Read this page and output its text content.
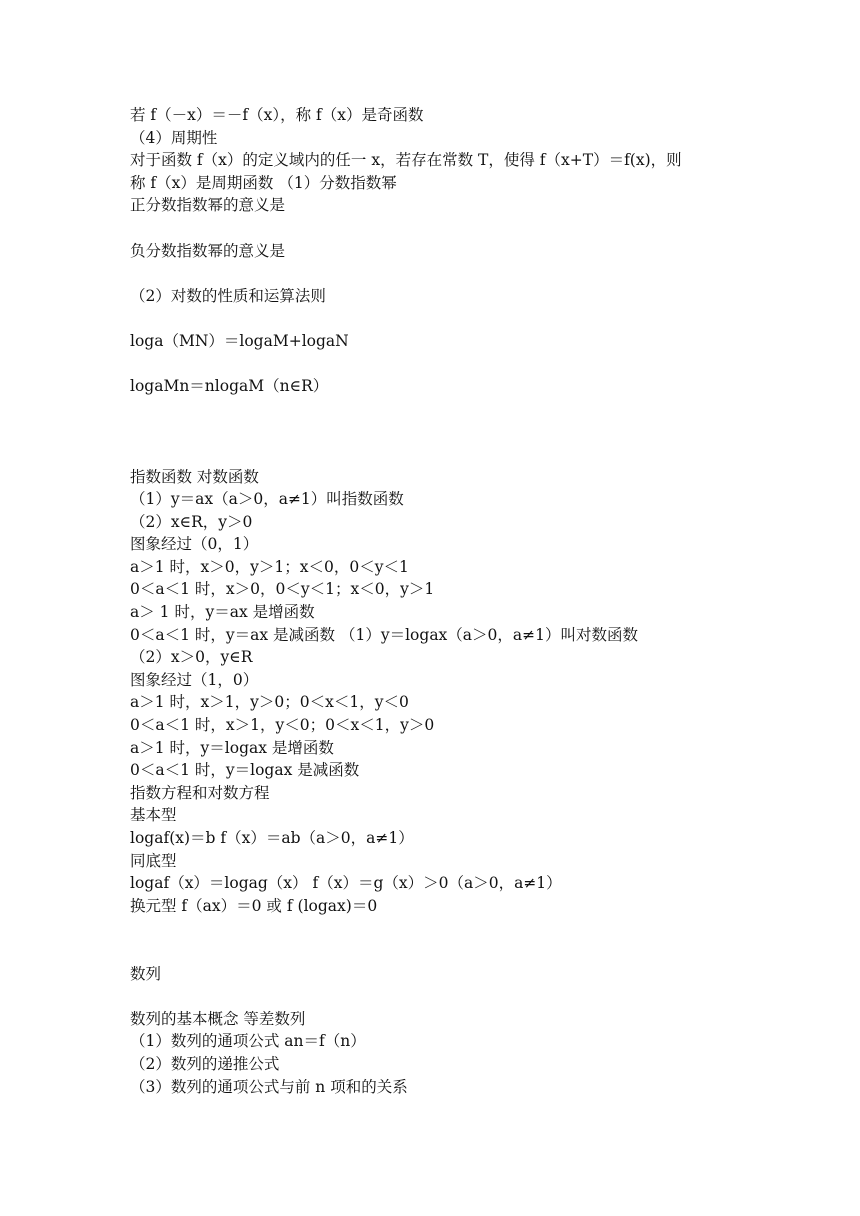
若 f（－x）＝－f（x），称 f（x）是奇函数
（4）周期性
对于函数 f（x）的定义域内的任一 x，若存在常数 T，使得 f（x+T）＝f(x)，则
称 f（x）是周期函数 （1）分数指数幂
正分数指数幂的意义是
负分数指数幂的意义是
（2）对数的性质和运算法则
loga（MN）＝logaM+logaN
logaMn＝nlogaM（n∈R）
指数函数 对数函数
（1）y＝ax（a＞0，a≠1）叫指数函数
（2）x∈R，y＞0
图象经过（0，1）
a＞1 时，x＞0，y＞1；x＜0，0＜y＜1
0＜a＜1 时，x＞0，0＜y＜1；x＜0，y＞1
a＞ 1 时，y＝ax 是增函数
0＜a＜1 时，y＝ax 是减函数 （1）y＝logax（a＞0，a≠1）叫对数函数
（2）x＞0，y∈R
图象经过（1，0）
a＞1 时，x＞1，y＞0；0＜x＜1，y＜0
0＜a＜1 时，x＞1，y＜0；0＜x＜1，y＞0
a＞1 时，y＝logax 是增函数
0＜a＜1 时，y＝logax 是减函数
指数方程和对数方程
基本型
logaf(x)＝b f（x）＝ab（a＞0，a≠1）
同底型
logaf（x）＝logag（x） f（x）＝g（x）＞0（a＞0，a≠1）
换元型 f（ax）＝0 或 f (logax)＝0
数列
数列的基本概念 等差数列
（1）数列的通项公式 an＝f（n）
（2）数列的递推公式
（3）数列的通项公式与前 n 项和的关系
